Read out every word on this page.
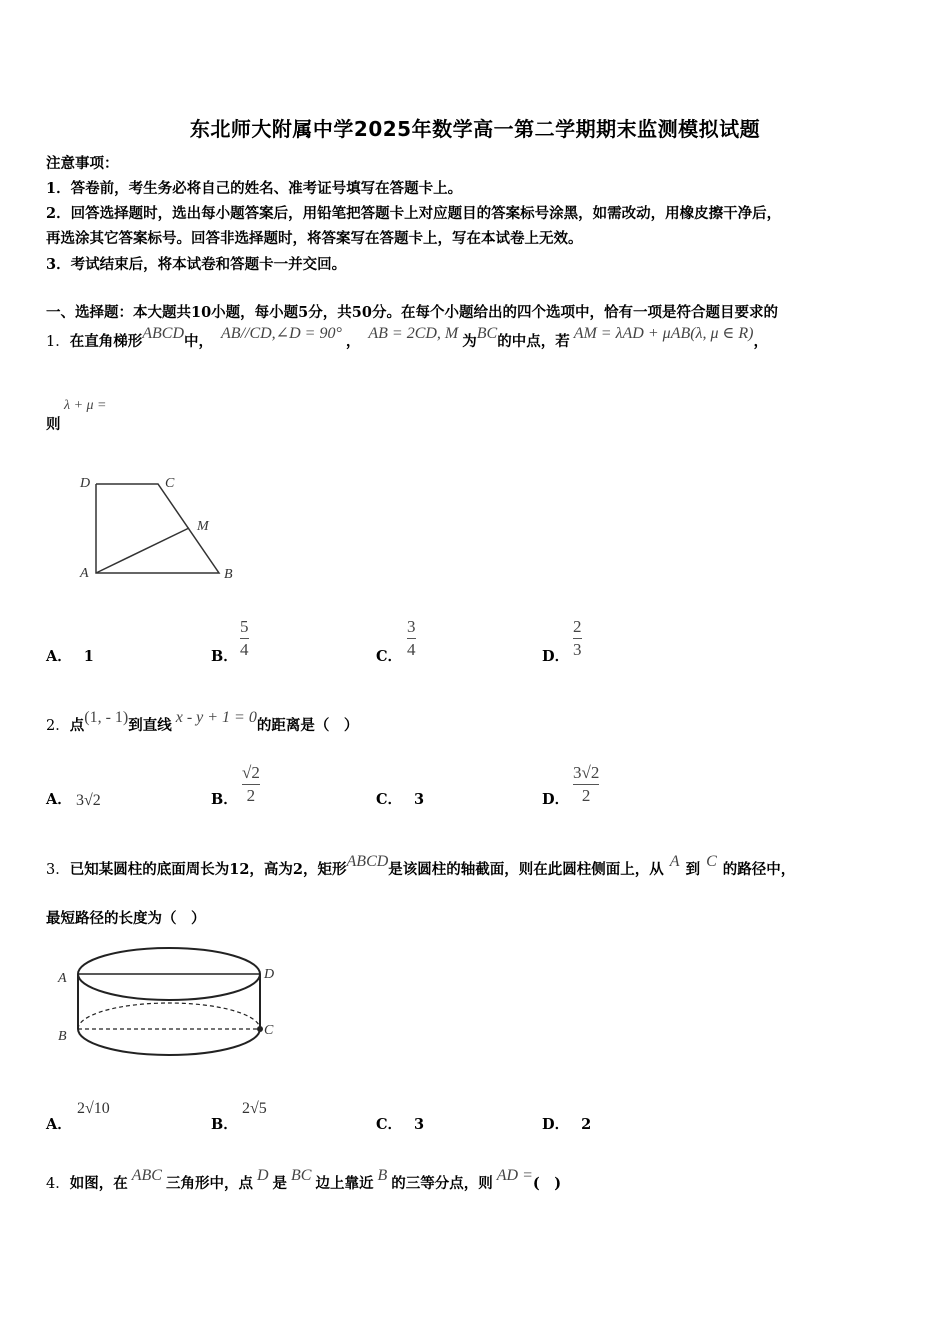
东北师大附属中学2025年数学高一第二学期期末监测模拟试题
注意事项：
1．答卷前，考生务必将自己的姓名、准考证号填写在答题卡上。
2．回答选择题时，选出每小题答案后，用铅笔把答题卡上对应题目的答案标号涂黑，如需改动，用橡皮擦干净后，
再选涂其它答案标号。回答非选择题时，将答案写在答题卡上，写在本试卷上无效。
3．考试结束后，将本试卷和答题卡一并交回。
一、选择题：本大题共10小题，每小题5分，共50分。在每个小题给出的四个选项中，恰有一项是符合题目要求的
1．在直角梯形ABCD中， AB//CD,∠D = 90° ， AB = 2CD, M 为BC的中点，若 AM = λAD + μAB(λ, μ ∈ R)，
则
λ + μ =
D	C
M
A	B
A． 1	B．
5
4	C．
3
4	D．
2
3
2．点(1, - 1)到直线 x - y + 1 = 0的距离是（　）
A． 3√2	B．
√2
2	C． 3	D．
3√2
2
3．已知某圆柱的底面周长为12，高为2，矩形ABCD是该圆柱的轴截面，则在此圆柱侧面上，从 A 到 C 的路径中，
最短路径的长度为（　）
A	D
B	C
A．
2√10
B．
2√5
C． 3	D． 2
4．如图，在 ABC 三角形中，点 D 是 BC 边上靠近 B 的三等分点，则 AD =(　)
